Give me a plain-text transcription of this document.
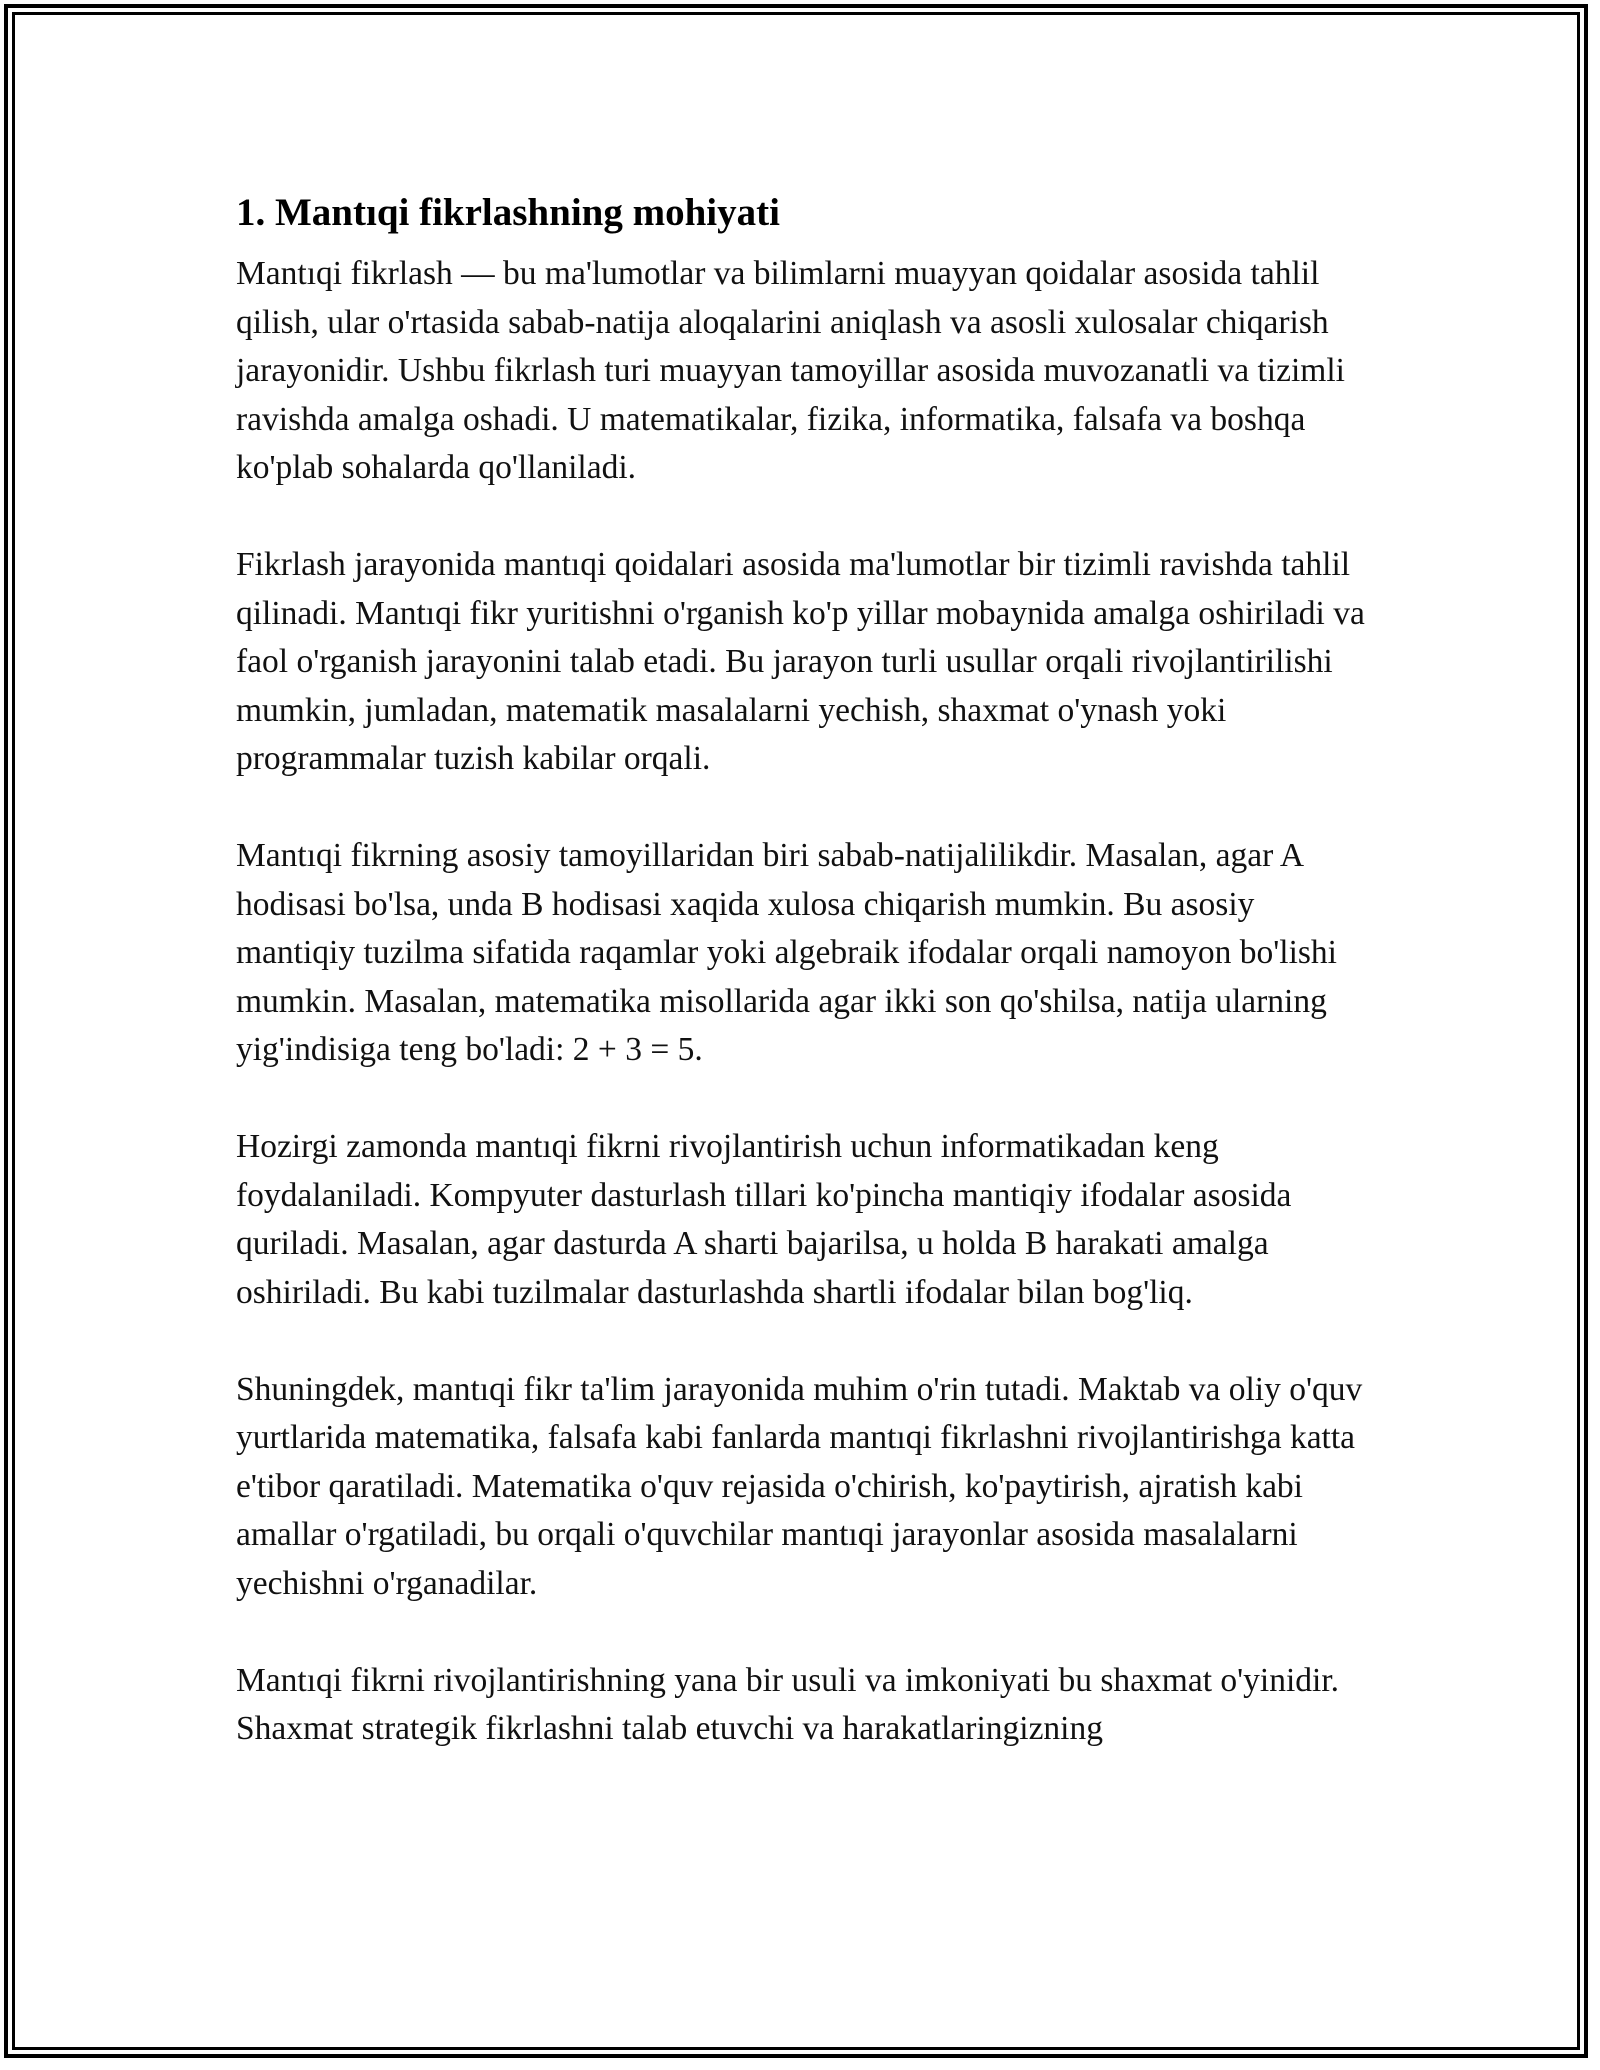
1. Mantıqi fikrlashning mohiyati

Mantıqi fikrlash — bu ma'lumotlar va bilimlarni muayyan qoidalar asosida tahlil qilish, ular o'rtasida sabab-natija aloqalarini aniqlash va asosli xulosalar chiqarish jarayonidir. Ushbu fikrlash turi muayyan tamoyillar asosida muvozanatli va tizimli ravishda amalga oshadi. U matematikalar, fizika, informatika, falsafa va boshqa ko'plab sohalarda qo'llaniladi.

Fikrlash jarayonida mantıqi qoidalari asosida ma'lumotlar bir tizimli ravishda tahlil qilinadi. Mantıqi fikr yuritishni o'rganish ko'p yillar mobaynida amalga oshiriladi va faol o'rganish jarayonini talab etadi. Bu jarayon turli usullar orqali rivojlantirilishi mumkin, jumladan, matematik masalalarni yechish, shaxmat o'ynash yoki programmalar tuzish kabilar orqali.

Mantıqi fikrning asosiy tamoyillaridan biri sabab-natijalilikdir. Masalan, agar A hodisasi bo'lsa, unda B hodisasi xaqida xulosa chiqarish mumkin. Bu asosiy mantiqiy tuzilma sifatida raqamlar yoki algebraik ifodalar orqali namoyon bo'lishi mumkin. Masalan, matematika misollarida agar ikki son qo'shilsa, natija ularning yig'indisiga teng bo'ladi: 2 + 3 = 5.

Hozirgi zamonda mantıqi fikrni rivojlantirish uchun informatikadan keng foydalaniladi. Kompyuter dasturlash tillari ko'pincha mantiqiy ifodalar asosida quriladi. Masalan, agar dasturda A sharti bajarilsa, u holda B harakati amalga oshiriladi. Bu kabi tuzilmalar dasturlashda shartli ifodalar bilan bog'liq.

Shuningdek, mantıqi fikr ta'lim jarayonida muhim o'rin tutadi. Maktab va oliy o'quv yurtlarida matematika, falsafa kabi fanlarda mantıqi fikrlashni rivojlantirishga katta e'tibor qaratiladi. Matematika o'quv rejasida o'chirish, ko'paytirish, ajratish kabi amallar o'rgatiladi, bu orqali o'quvchilar mantıqi jarayonlar asosida masalalarni yechishni o'rganadilar.

Mantıqi fikrni rivojlantirishning yana bir usuli va imkoniyati bu shaxmat o'yinidir. Shaxmat strategik fikrlashni talab etuvchi va harakatlaringizning
